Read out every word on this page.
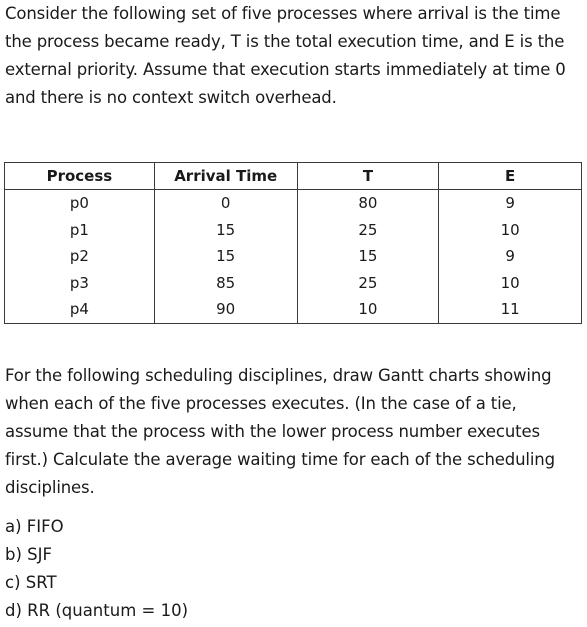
Consider the following set of five processes where arrival is the time the process became ready, T is the total execution time, and E is the external priority. Assume that execution starts immediately at time 0 and there is no context switch overhead.

Process	Arrival Time	T	E
p0	0	80	9
p1	15	25	10
p2	15	15	9
p3	85	25	10
p4	90	10	11

For the following scheduling disciplines, draw Gantt charts showing when each of the five processes executes. (In the case of a tie, assume that the process with the lower process number executes first.) Calculate the average waiting time for each of the scheduling disciplines.

a) FIFO
b) SJF
c) SRT
d) RR (quantum = 10)
